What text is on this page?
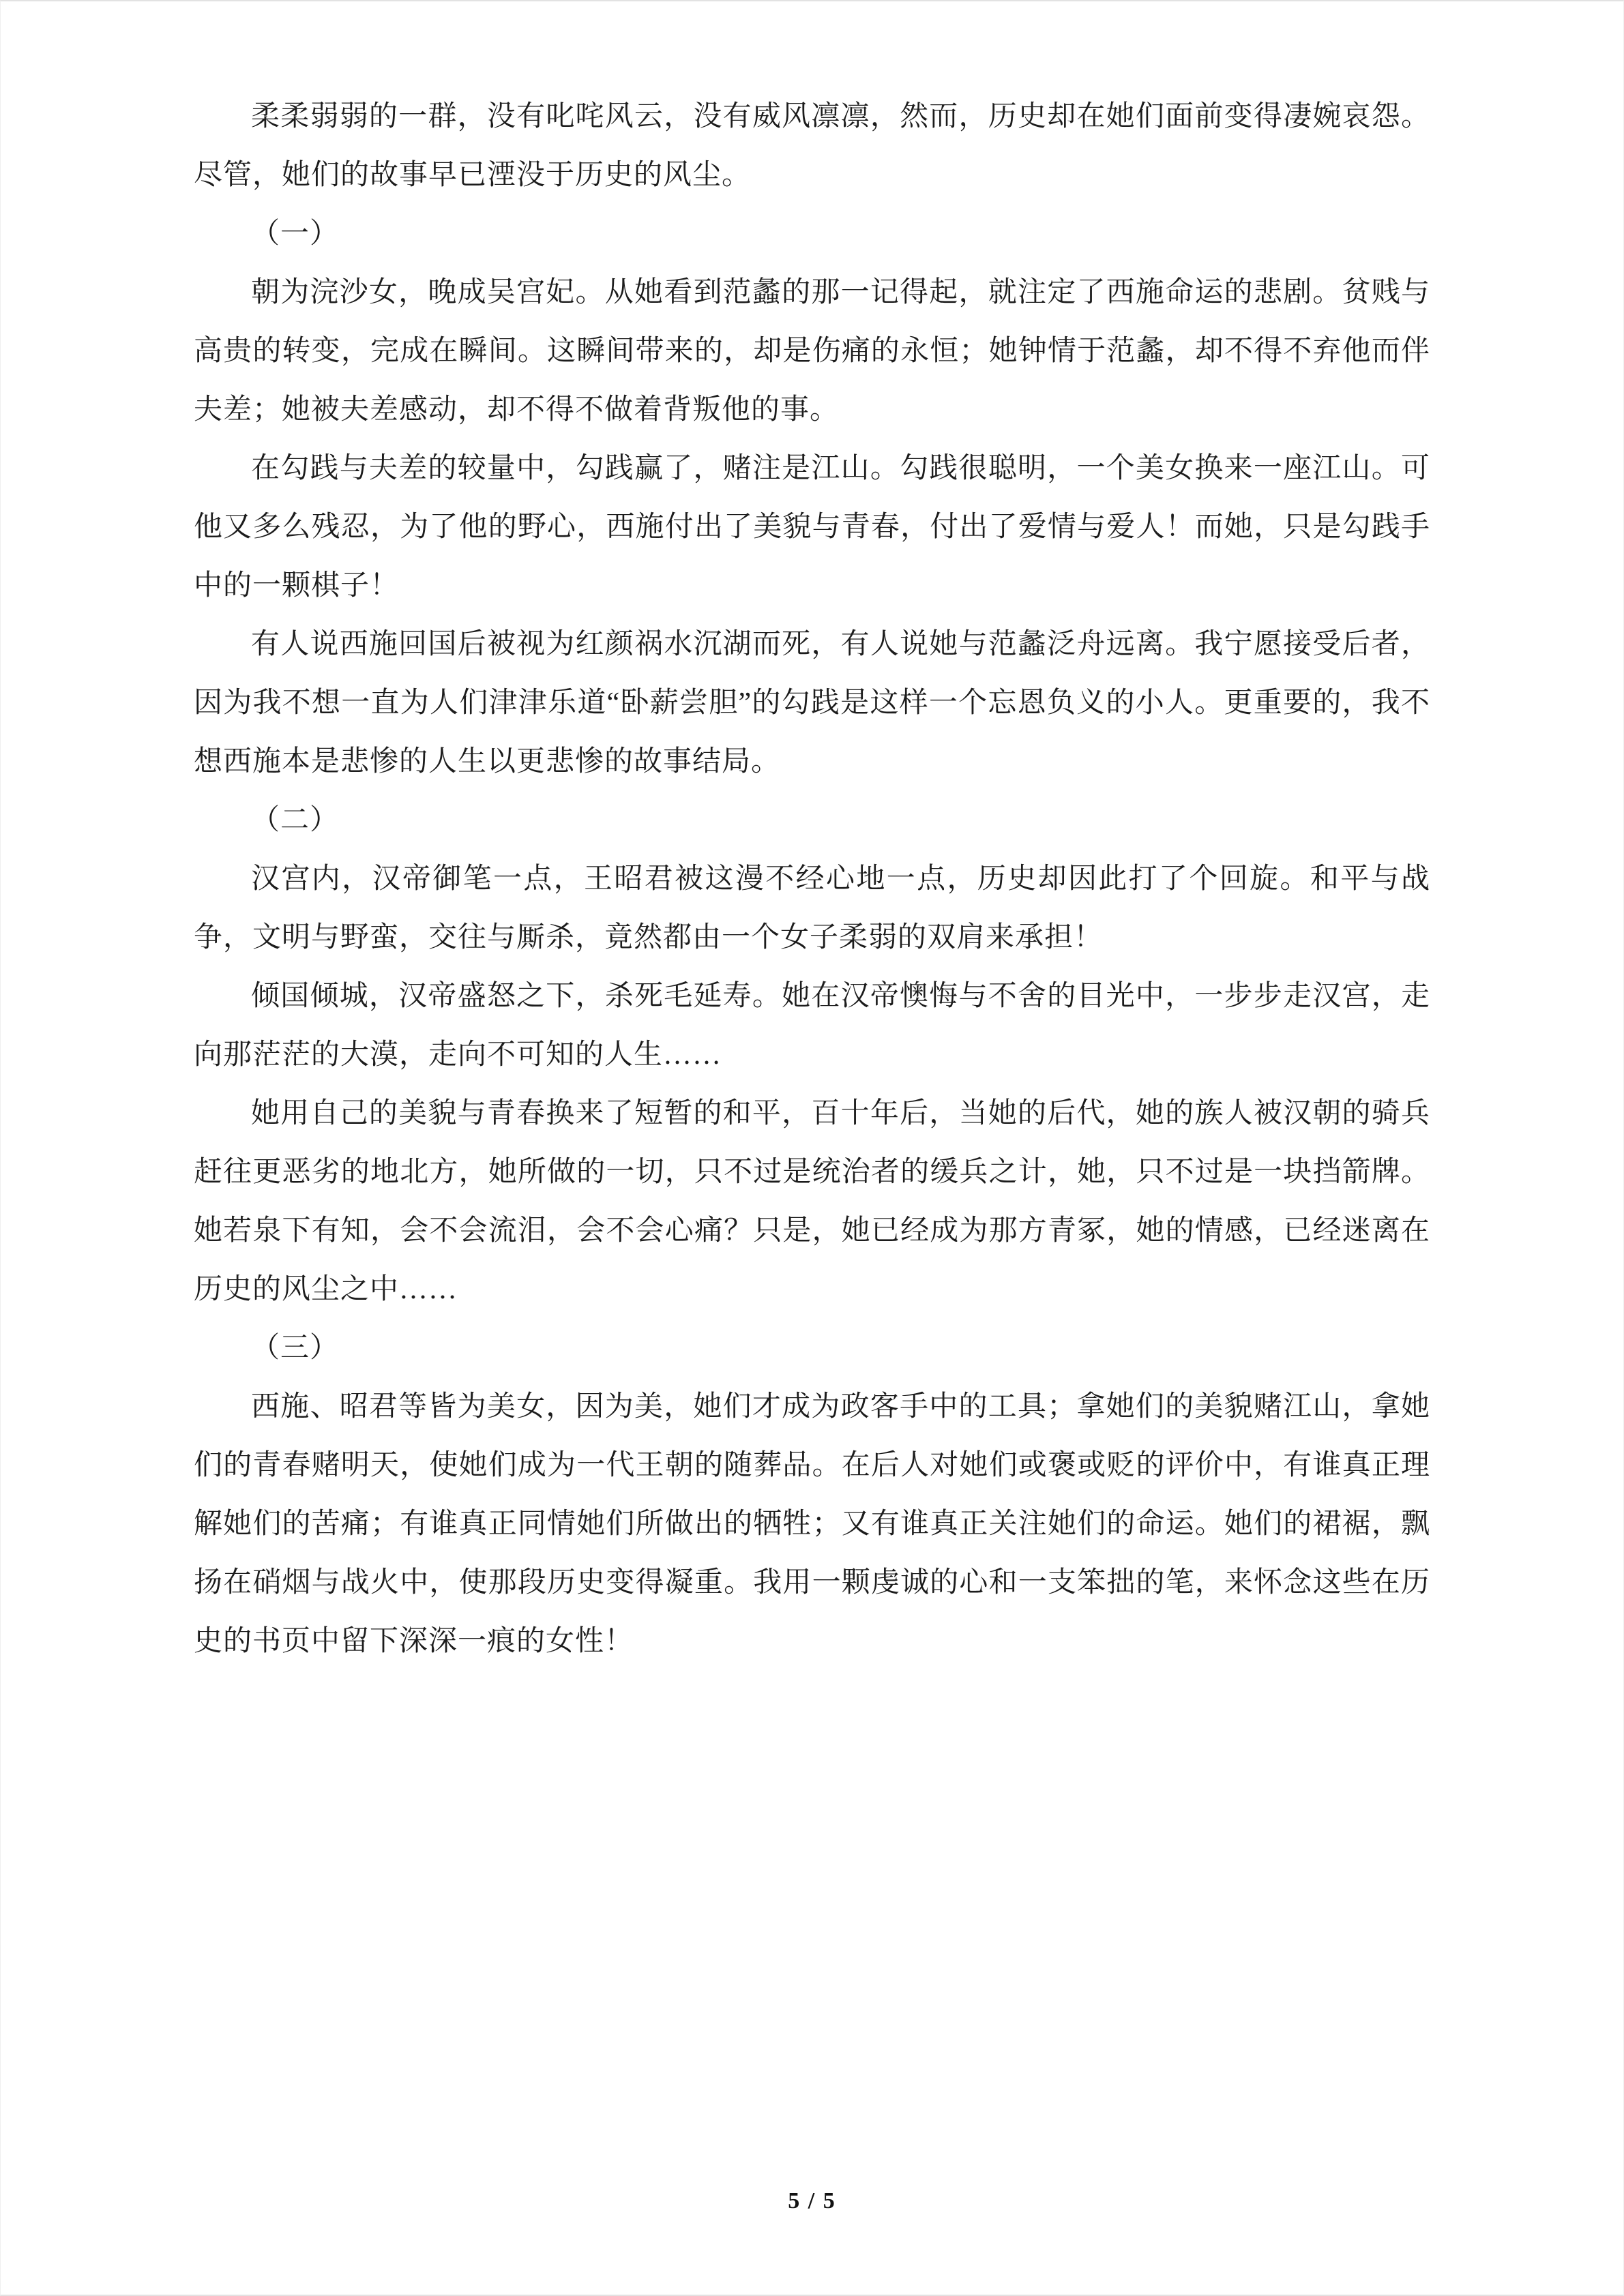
柔柔弱弱的一群，没有叱咤风云，没有威风凛凛，然而，历史却在她们面前变得凄婉哀怨。尽管，她们的故事早已湮没于历史的风尘。

（一）

朝为浣沙女，晚成吴宫妃。从她看到范蠡的那一记得起，就注定了西施命运的悲剧。贫贱与高贵的转变，完成在瞬间。这瞬间带来的，却是伤痛的永恒；她钟情于范蠡，却不得不弃他而伴夫差；她被夫差感动，却不得不做着背叛他的事。

在勾践与夫差的较量中，勾践赢了，赌注是江山。勾践很聪明，一个美女换来一座江山。可他又多么残忍，为了他的野心，西施付出了美貌与青春，付出了爱情与爱人！而她，只是勾践手中的一颗棋子！

有人说西施回国后被视为红颜祸水沉湖而死，有人说她与范蠡泛舟远离。我宁愿接受后者，因为我不想一直为人们津津乐道“卧薪尝胆”的勾践是这样一个忘恩负义的小人。更重要的，我不想西施本是悲惨的人生以更悲惨的故事结局。

（二）

汉宫内，汉帝御笔一点，王昭君被这漫不经心地一点，历史却因此打了个回旋。和平与战争，文明与野蛮，交往与厮杀，竟然都由一个女子柔弱的双肩来承担！

倾国倾城，汉帝盛怒之下，杀死毛延寿。她在汉帝懊悔与不舍的目光中，一步步走汉宫，走向那茫茫的大漠，走向不可知的人生……

她用自己的美貌与青春换来了短暂的和平，百十年后，当她的后代，她的族人被汉朝的骑兵赶往更恶劣的地北方，她所做的一切，只不过是统治者的缓兵之计，她，只不过是一块挡箭牌。她若泉下有知，会不会流泪，会不会心痛？只是，她已经成为那方青冢，她的情感，已经迷离在历史的风尘之中……

（三）

西施、昭君等皆为美女，因为美，她们才成为政客手中的工具；拿她们的美貌赌江山，拿她们的青春赌明天，使她们成为一代王朝的随葬品。在后人对她们或褒或贬的评价中，有谁真正理解她们的苦痛；有谁真正同情她们所做出的牺牲；又有谁真正关注她们的命运。她们的裙裾，飘扬在硝烟与战火中，使那段历史变得凝重。我用一颗虔诚的心和一支笨拙的笔，来怀念这些在历史的书页中留下深深一痕的女性！

5 / 5
